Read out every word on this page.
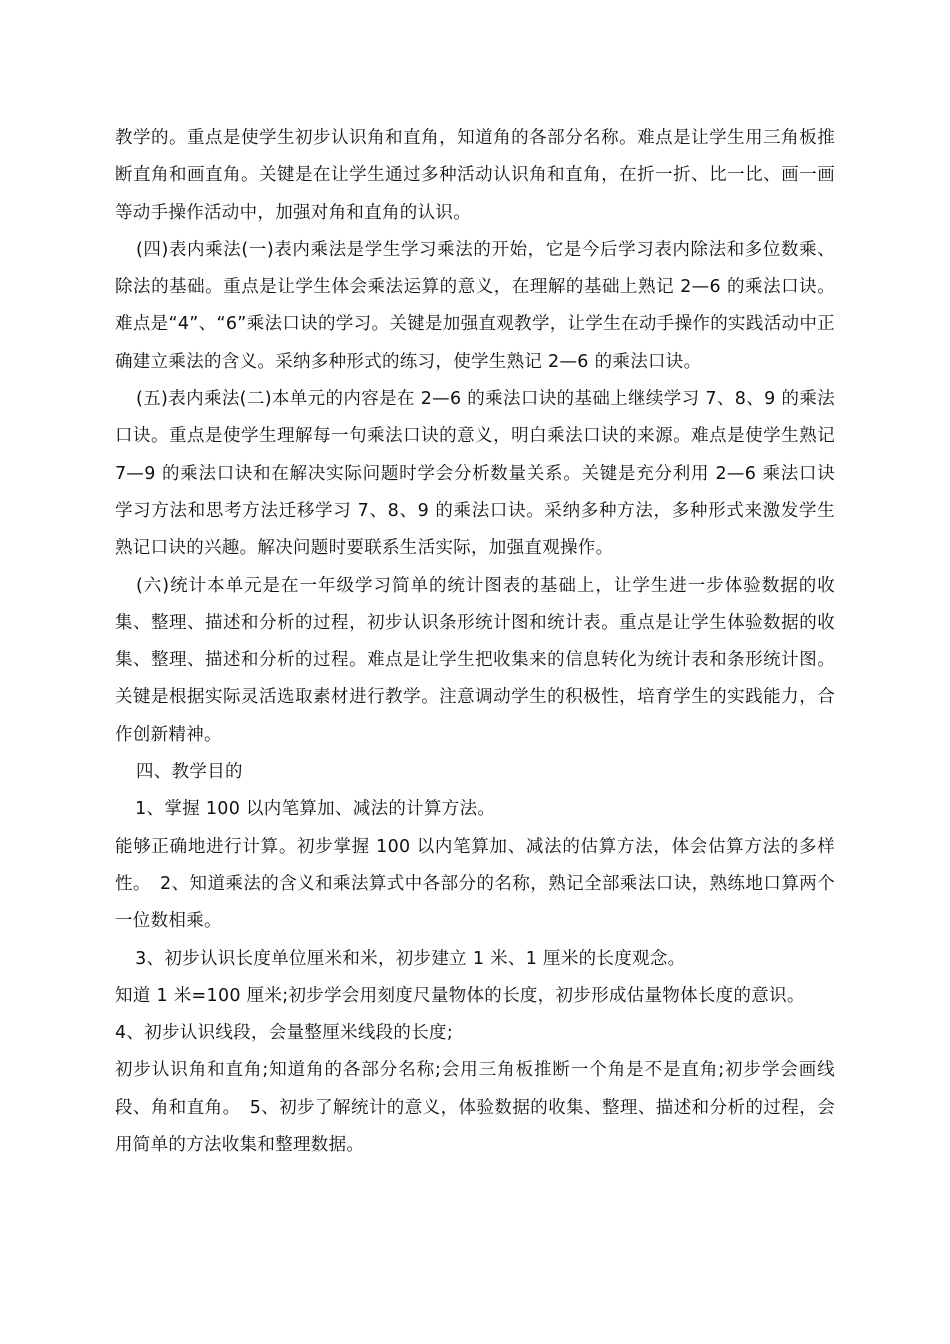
教学的。重点是使学生初步认识角和直角，知道角的各部分名称。难点是让学生用三角板推断直角和画直角。关键是在让学生通过多种活动认识角和直角，在折一折、比一比、画一画等动手操作活动中，加强对角和直角的认识。

(四)表内乘法(一)表内乘法是学生学习乘法的开始，它是今后学习表内除法和多位数乘、除法的基础。重点是让学生体会乘法运算的意义，在理解的基础上熟记 2—6 的乘法口诀。难点是“4”、“6”乘法口诀的学习。关键是加强直观教学，让学生在动手操作的实践活动中正确建立乘法的含义。采纳多种形式的练习，使学生熟记 2—6 的乘法口诀。

(五)表内乘法(二)本单元的内容是在 2—6 的乘法口诀的基础上继续学习 7、8、9 的乘法口诀。重点是使学生理解每一句乘法口诀的意义，明白乘法口诀的来源。难点是使学生熟记 7—9 的乘法口诀和在解决实际问题时学会分析数量关系。关键是充分利用 2—6 乘法口诀学习方法和思考方法迁移学习 7、8、9 的乘法口诀。采纳多种方法，多种形式来激发学生熟记口诀的兴趣。解决问题时要联系生活实际，加强直观操作。

(六)统计本单元是在一年级学习简单的统计图表的基础上，让学生进一步体验数据的收集、整理、描述和分析的过程，初步认识条形统计图和统计表。重点是让学生体验数据的收集、整理、描述和分析的过程。难点是让学生把收集来的信息转化为统计表和条形统计图。关键是根据实际灵活选取素材进行教学。注意调动学生的积极性，培育学生的实践能力，合作创新精神。

四、教学目的

1、掌握 100 以内笔算加、减法的计算方法。

能够正确地进行计算。初步掌握 100 以内笔算加、减法的估算方法，体会估算方法的多样性。　2、知道乘法的含义和乘法算式中各部分的名称，熟记全部乘法口诀，熟练地口算两个一位数相乘。

3、初步认识长度单位厘米和米，初步建立 1 米、1 厘米的长度观念。

知道 1 米=100 厘米;初步学会用刻度尺量物体的长度，初步形成估量物体长度的意识。

4、初步认识线段，会量整厘米线段的长度;

初步认识角和直角;知道角的各部分名称;会用三角板推断一个角是不是直角;初步学会画线段、角和直角。　5、初步了解统计的意义，体验数据的收集、整理、描述和分析的过程，会用简单的方法收集和整理数据。
